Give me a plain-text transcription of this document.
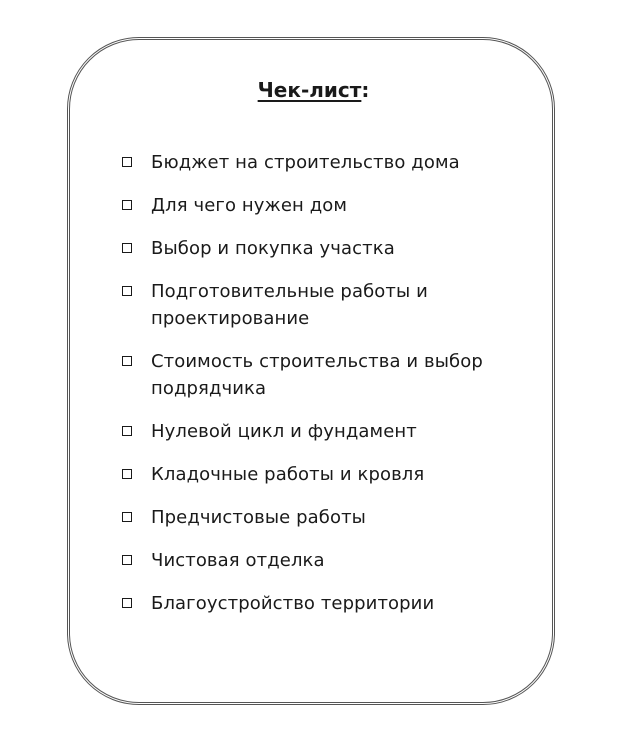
Чек-лист:
Бюджет на строительство дома
Для чего нужен дом
Выбор и покупка участка
Подготовительные работы и проектирование
Стоимость строительства и выбор подрядчика
Нулевой цикл и фундамент
Кладочные работы и кровля
Предчистовые работы
Чистовая отделка
Благоустройство территории
